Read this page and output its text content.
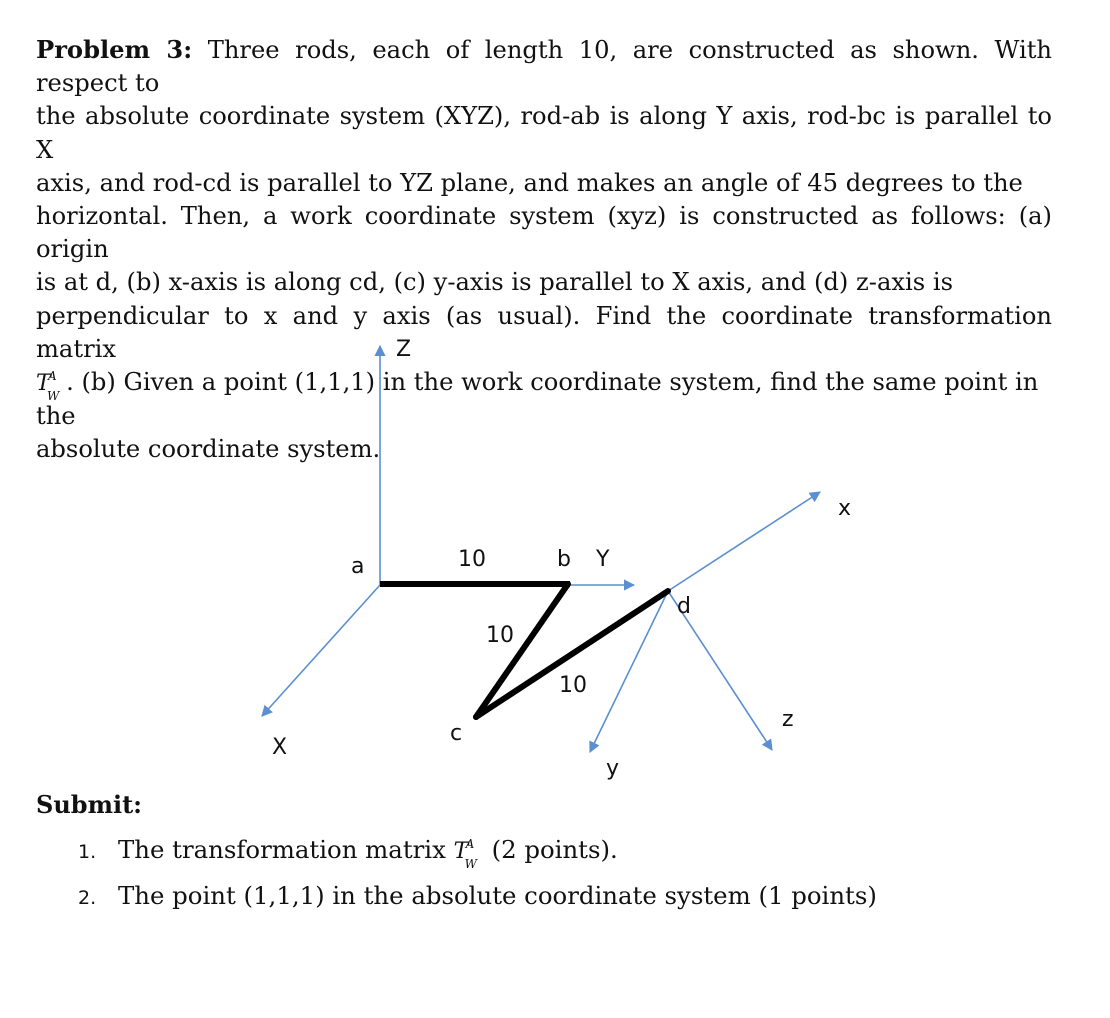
Problem 3: Three rods, each of length 10, are constructed as shown. With respect to
the absolute coordinate system (XYZ), rod-ab is along Y axis, rod-bc is parallel to X
axis, and rod-cd is parallel to YZ plane, and makes an angle of 45 degrees to the
horizontal. Then, a work coordinate system (xyz) is constructed as follows: (a) origin
is at d, (b) x-axis is along cd, (c) y-axis is parallel to X axis, and (d) z-axis is
perpendicular to x and y axis (as usual). Find the coordinate transformation matrix
T
A
W . (b) Given a point (1,1,1) in the work coordinate system, find the same point in the
absolute coordinate system.
Z
X
Y
a	b
c
d
10
10
10
x
y
z
Submit:
1. The transformation matrix T
A
W (2 points).
2. The point (1,1,1) in the absolute coordinate system (1 points)
